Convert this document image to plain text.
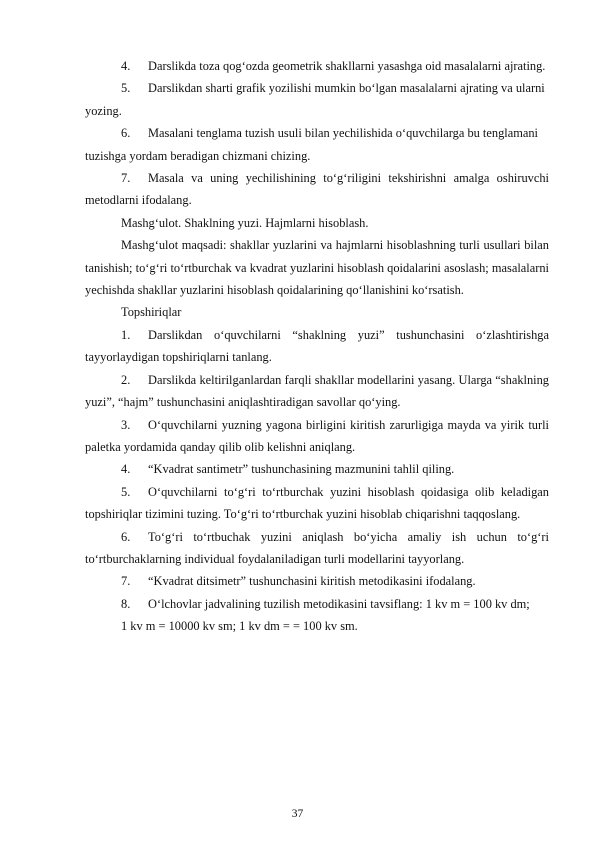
4. Darslikda toza qog‘ozda geometrik shakllarni yasashga oid masalalarni ajrating.

5. Darslikdan sharti grafik yozilishi mumkin bo‘lgan masalalarni ajrating va ularni yozing.

6. Masalani tenglama tuzish usuli bilan yechilishida o‘quvchilarga bu tenglamani tuzishga yordam beradigan chizmani chizing.

7. Masala va uning yechilishining to‘g‘riligini tekshirishni amalga oshiruvchi metodlarni ifodalang.

Mashg‘ulot. Shaklning yuzi. Hajmlarni hisoblash.

Mashg‘ulot maqsadi: shakllar yuzlarini va hajmlarni hisoblashning turli usullari bilan tanishish; to‘g‘ri to‘rtburchak va kvadrat yuzlarini hisoblash qoidalarini asoslash; masalalarni yechishda shakllar yuzlarini hisoblash qoidalarining qo‘llanishini ko‘rsatish.

Topshiriqlar

1. Darslikdan o‘quvchilarni “shaklning yuzi” tushunchasini o‘zlashtirishga tayyorlaydigan topshiriqlarni tanlang.

2. Darslikda keltirilganlardan farqli shakllar modellarini yasang. Ularga “shaklning yuzi”, “hajm” tushunchasini aniqlashtiradigan savollar qo‘ying.

3. O‘quvchilarni yuzning yagona birligini kiritish zarurligiga mayda va yirik turli paletka yordamida qanday qilib olib kelishni aniqlang.

4. “Kvadrat santimetr” tushunchasining mazmunini tahlil qiling.

5. O‘quvchilarni to‘g‘ri to‘rtburchak yuzini hisoblash qoidasiga olib keladigan topshiriqlar tizimini tuzing. To‘g‘ri to‘rtburchak yuzini hisoblab chiqarishni taqqoslang.

6. To‘g‘ri to‘rtbuchak yuzini aniqlash bo‘yicha amaliy ish uchun to‘g‘ri to‘rtburchaklarning individual foydalaniladigan turli modellarini tayyorlang.

7. “Kvadrat ditsimetr” tushunchasini kiritish metodikasini ifodalang.

8. O‘lchovlar jadvalining tuzilish metodikasini tavsiflang: 1 kv m = 100 kv dm;

1 kv m = 10000 kv sm; 1 kv dm = = 100 kv sm.

37
